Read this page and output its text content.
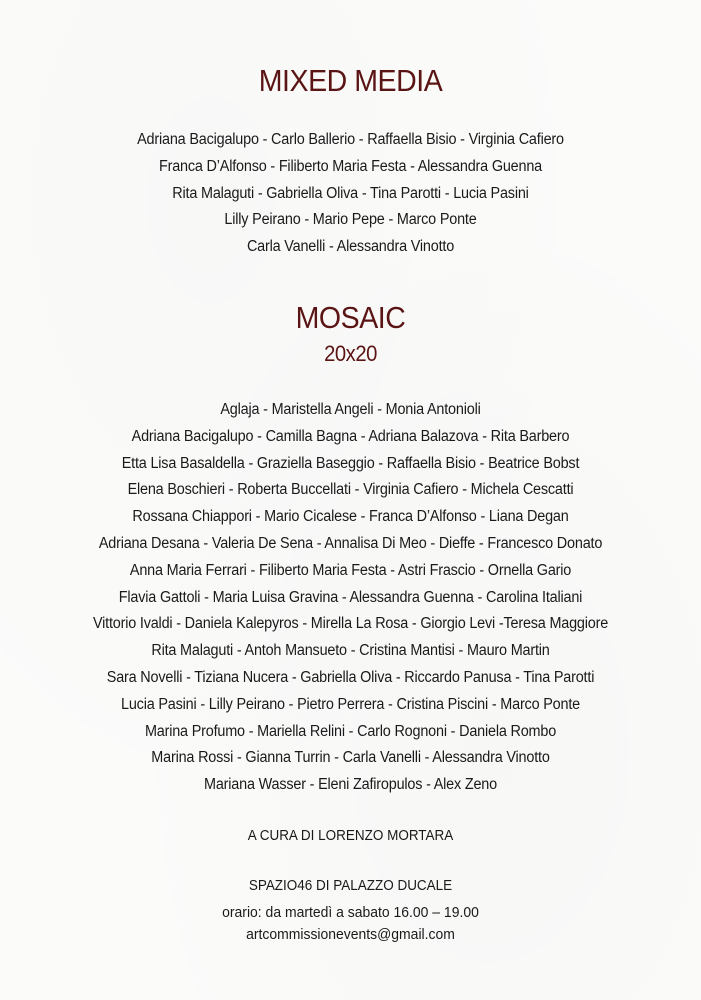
MIXED MEDIA
Adriana Bacigalupo - Carlo Ballerio - Raffaella Bisio - Virginia Cafiero
Franca D’Alfonso - Filiberto Maria Festa - Alessandra Guenna
Rita Malaguti - Gabriella Oliva - Tina Parotti - Lucia Pasini
Lilly Peirano - Mario Pepe - Marco Ponte
Carla Vanelli - Alessandra Vinotto
MOSAIC
20x20
Aglaja - Maristella Angeli - Monia Antonioli
Adriana Bacigalupo - Camilla Bagna - Adriana Balazova - Rita Barbero
Etta Lisa Basaldella - Graziella Baseggio - Raffaella Bisio - Beatrice Bobst
Elena Boschieri - Roberta Buccellati - Virginia Cafiero - Michela Cescatti
Rossana Chiappori - Mario Cicalese - Franca D’Alfonso - Liana Degan
Adriana Desana - Valeria De Sena - Annalisa Di Meo - Dieffe - Francesco Donato
Anna Maria Ferrari - Filiberto Maria Festa - Astri Frascio - Ornella Gario
Flavia Gattoli - Maria Luisa Gravina - Alessandra Guenna - Carolina Italiani
Vittorio Ivaldi - Daniela Kalepyros - Mirella La Rosa - Giorgio Levi -Teresa Maggiore
Rita Malaguti - Antoh Mansueto - Cristina Mantisi - Mauro Martin
Sara Novelli - Tiziana Nucera - Gabriella Oliva - Riccardo Panusa - Tina Parotti
Lucia Pasini - Lilly Peirano - Pietro Perrera - Cristina Piscini - Marco Ponte
Marina Profumo - Mariella Relini - Carlo Rognoni - Daniela Rombo
Marina Rossi - Gianna Turrin - Carla Vanelli - Alessandra Vinotto
Mariana Wasser - Eleni Zafiropulos - Alex Zeno
A CURA DI LORENZO MORTARA
SPAZIO46 DI PALAZZO DUCALE
orario: da martedì a sabato 16.00 – 19.00
artcommissionevents@gmail.com
